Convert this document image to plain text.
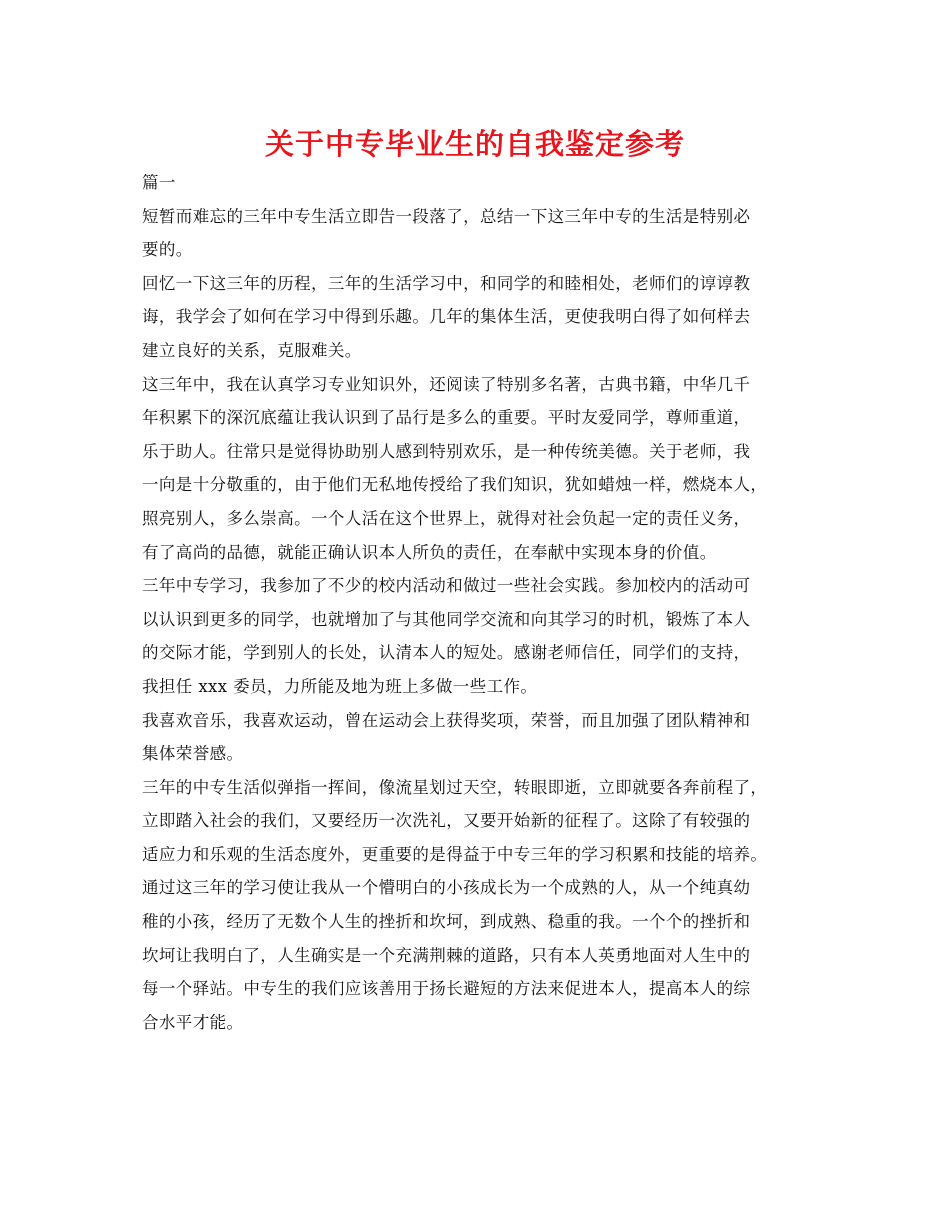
关于中专毕业生的自我鉴定参考
篇一
短暂而难忘的三年中专生活立即告一段落了，总结一下这三年中专的生活是特别必
要的。
回忆一下这三年的历程，三年的生活学习中，和同学的和睦相处，老师们的谆谆教
诲，我学会了如何在学习中得到乐趣。几年的集体生活，更使我明白得了如何样去
建立良好的关系，克服难关。
这三年中，我在认真学习专业知识外，还阅读了特别多名著，古典书籍，中华几千
年积累下的深沉底蕴让我认识到了品行是多么的重要。平时友爱同学，尊师重道，
乐于助人。往常只是觉得协助别人感到特别欢乐，是一种传统美德。关于老师，我
一向是十分敬重的，由于他们无私地传授给了我们知识，犹如蜡烛一样，燃烧本人，
照亮别人，多么崇高。一个人活在这个世界上，就得对社会负起一定的责任义务，
有了高尚的品德，就能正确认识本人所负的责任，在奉献中实现本身的价值。
三年中专学习，我参加了不少的校内活动和做过一些社会实践。参加校内的活动可
以认识到更多的同学，也就增加了与其他同学交流和向其学习的时机，锻炼了本人
的交际才能，学到别人的长处，认清本人的短处。感谢老师信任，同学们的支持，
我担任 xxx 委员，力所能及地为班上多做一些工作。
我喜欢音乐，我喜欢运动，曾在运动会上获得奖项，荣誉，而且加强了团队精神和
集体荣誉感。
三年的中专生活似弹指一挥间，像流星划过天空，转眼即逝，立即就要各奔前程了，
立即踏入社会的我们，又要经历一次洗礼，又要开始新的征程了。这除了有较强的
适应力和乐观的生活态度外，更重要的是得益于中专三年的学习积累和技能的培养。
通过这三年的学习使让我从一个懵明白的小孩成长为一个成熟的人，从一个纯真幼
稚的小孩，经历了无数个人生的挫折和坎坷，到成熟、稳重的我。一个个的挫折和
坎坷让我明白了，人生确实是一个充满荆棘的道路，只有本人英勇地面对人生中的
每一个驿站。中专生的我们应该善用于扬长避短的方法来促进本人，提高本人的综
合水平才能。
